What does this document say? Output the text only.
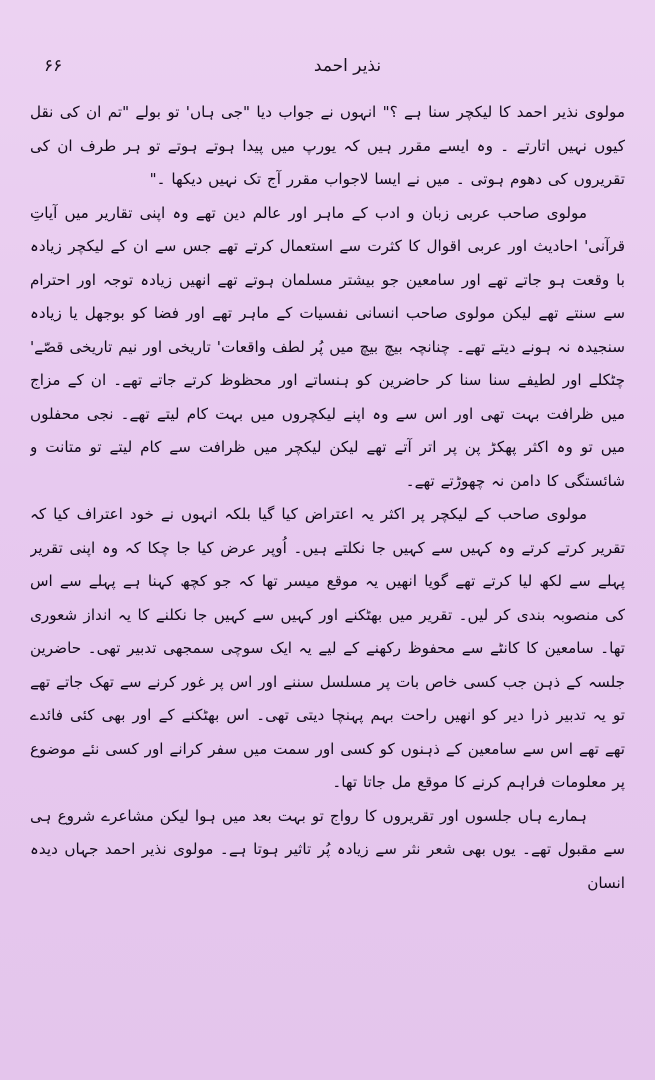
نذیر احمد
۶۶

مولوی نذیر احمد کا لیکچر سنا ہے ؟" انہوں نے جواب دیا "جی ہاں' تو بولے "تم ان کی نقل کیوں نہیں اتارتے ۔ وہ ایسے مقرر ہیں کہ یورپ میں پیدا ہوتے ہوتے تو ہر طرف ان کی تقریروں کی دھوم ہوتی ۔ میں نے ایسا لاجواب مقرر آج تک نہیں دیکھا ۔"

مولوی صاحب عربی زبان و ادب کے ماہر اور عالم دین تھے وہ اپنی تقاریر میں آیاتِ قرآنی' احادیث اور عربی اقوال کا کثرت سے استعمال کرتے تھے جس سے ان کے لیکچر زیادہ با وقعت ہو جاتے تھے اور سامعین جو بیشتر مسلمان ہوتے تھے انھیں زیادہ توجہ اور احترام سے سنتے تھے لیکن مولوی صاحب انسانی نفسیات کے ماہر تھے اور فضا کو بوجھل یا زیادہ سنجیدہ نہ ہونے دیتے تھے۔ چنانچہ بیچ بیچ میں پُر لطف واقعات' تاریخی اور نیم تاریخی قصّے' چٹکلے اور لطیفے سنا سنا کر حاضرین کو ہنساتے اور محظوظ کرتے جاتے تھے۔ ان کے مزاج میں ظرافت بہت تھی اور اس سے وہ اپنے لیکچروں میں بہت کام لیتے تھے۔ نجی محفلوں میں تو وہ اکثر پھکڑ پن پر اتر آتے تھے لیکن لیکچر میں ظرافت سے کام لیتے تو متانت و شائستگی کا دامن نہ چھوڑتے تھے۔

مولوی صاحب کے لیکچر پر اکثر یہ اعتراض کیا گیا بلکہ انہوں نے خود اعتراف کیا کہ تقریر کرتے کرتے وہ کہیں سے کہیں جا نکلتے ہیں۔ اُوپر عرض کیا جا چکا کہ وہ اپنی تقریر پہلے سے لکھ لیا کرتے تھے گویا انھیں یہ موقع میسر تھا کہ جو کچھ کہنا ہے پہلے سے اس کی منصوبہ بندی کر لیں۔ تقریر میں بھٹکنے اور کہیں سے کہیں جا نکلنے کا یہ انداز شعوری تھا۔ سامعین کا کانٹے سے محفوظ رکھنے کے لیے یہ ایک سوچی سمجھی تدبیر تھی۔ حاضرین جلسہ کے ذہن جب کسی خاص بات پر مسلسل سننے اور اس پر غور کرنے سے تھک جاتے تھے تو یہ تدبیر ذرا دیر کو انھیں راحت بہم پہنچا دیتی تھی۔ اس بھٹکنے کے اور بھی کئی فائدے تھے تھے اس سے سامعین کے ذہنوں کو کسی اور سمت میں سفر کرانے اور کسی نئے موضوع پر معلومات فراہم کرنے کا موقع مل جاتا تھا۔

ہمارے ہاں جلسوں اور تقریروں کا رواج تو بہت بعد میں ہوا لیکن مشاعرے شروع ہی سے مقبول تھے۔ یوں بھی شعر نثر سے زیادہ پُر تاثیر ہوتا ہے۔ مولوی نذیر احمد جہاں دیدہ انسان
